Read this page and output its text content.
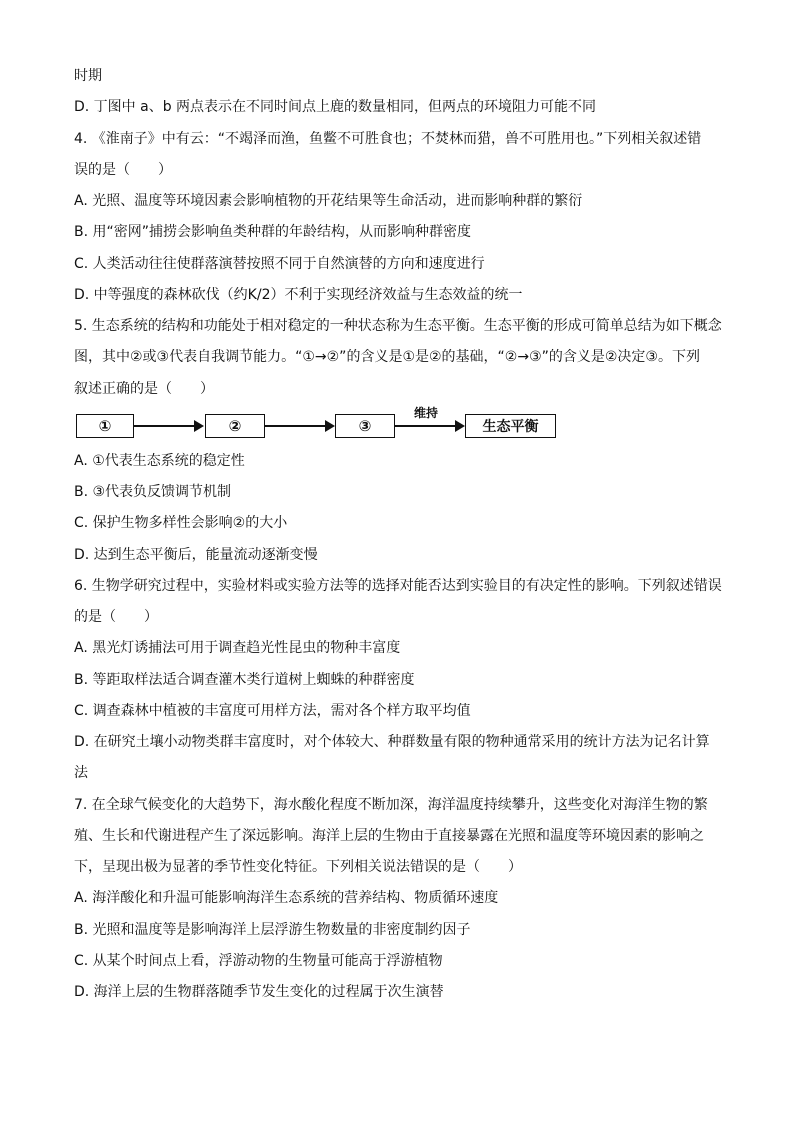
时期
D. 丁图中 a、b 两点表示在不同时间点上鹿的数量相同，但两点的环境阻力可能不同
4. 《淮南子》中有云：“不竭泽而渔，鱼鳖不可胜食也；不焚林而猎，兽不可胜用也。”下列相关叙述错
误的是（　　）
A. 光照、温度等环境因素会影响植物的开花结果等生命活动，进而影响种群的繁衍
B. 用“密网”捕捞会影响鱼类种群的年龄结构，从而影响种群密度
C. 人类活动往往使群落演替按照不同于自然演替的方向和速度进行
D. 中等强度的森林砍伐（约K/2）不利于实现经济效益与生态效益的统一
5. 生态系统的结构和功能处于相对稳定的一种状态称为生态平衡。生态平衡的形成可简单总结为如下概念
图，其中②或③代表自我调节能力。“①→②”的含义是①是②的基础，“②→③”的含义是②决定③。下列
叙述正确的是（　　）
①	②	③
维持
生态平衡
A. ①代表生态系统的稳定性
B. ③代表负反馈调节机制
C. 保护生物多样性会影响②的大小
D. 达到生态平衡后，能量流动逐渐变慢
6. 生物学研究过程中，实验材料或实验方法等的选择对能否达到实验目的有决定性的影响。下列叙述错误
的是（　　）
A. 黑光灯诱捕法可用于调查趋光性昆虫的物种丰富度
B. 等距取样法适合调查灌木类行道树上蜘蛛的种群密度
C. 调查森林中植被的丰富度可用样方法，需对各个样方取平均值
D. 在研究土壤小动物类群丰富度时，对个体较大、种群数量有限的物种通常采用的统计方法为记名计算
法
7. 在全球气候变化的大趋势下，海水酸化程度不断加深，海洋温度持续攀升，这些变化对海洋生物的繁
殖、生长和代谢进程产生了深远影响。海洋上层的生物由于直接暴露在光照和温度等环境因素的影响之
下，呈现出极为显著的季节性变化特征。下列相关说法错误的是（　　）
A. 海洋酸化和升温可能影响海洋生态系统的营养结构、物质循环速度
B. 光照和温度等是影响海洋上层浮游生物数量的非密度制约因子
C. 从某个时间点上看，浮游动物的生物量可能高于浮游植物
D. 海洋上层的生物群落随季节发生变化的过程属于次生演替
